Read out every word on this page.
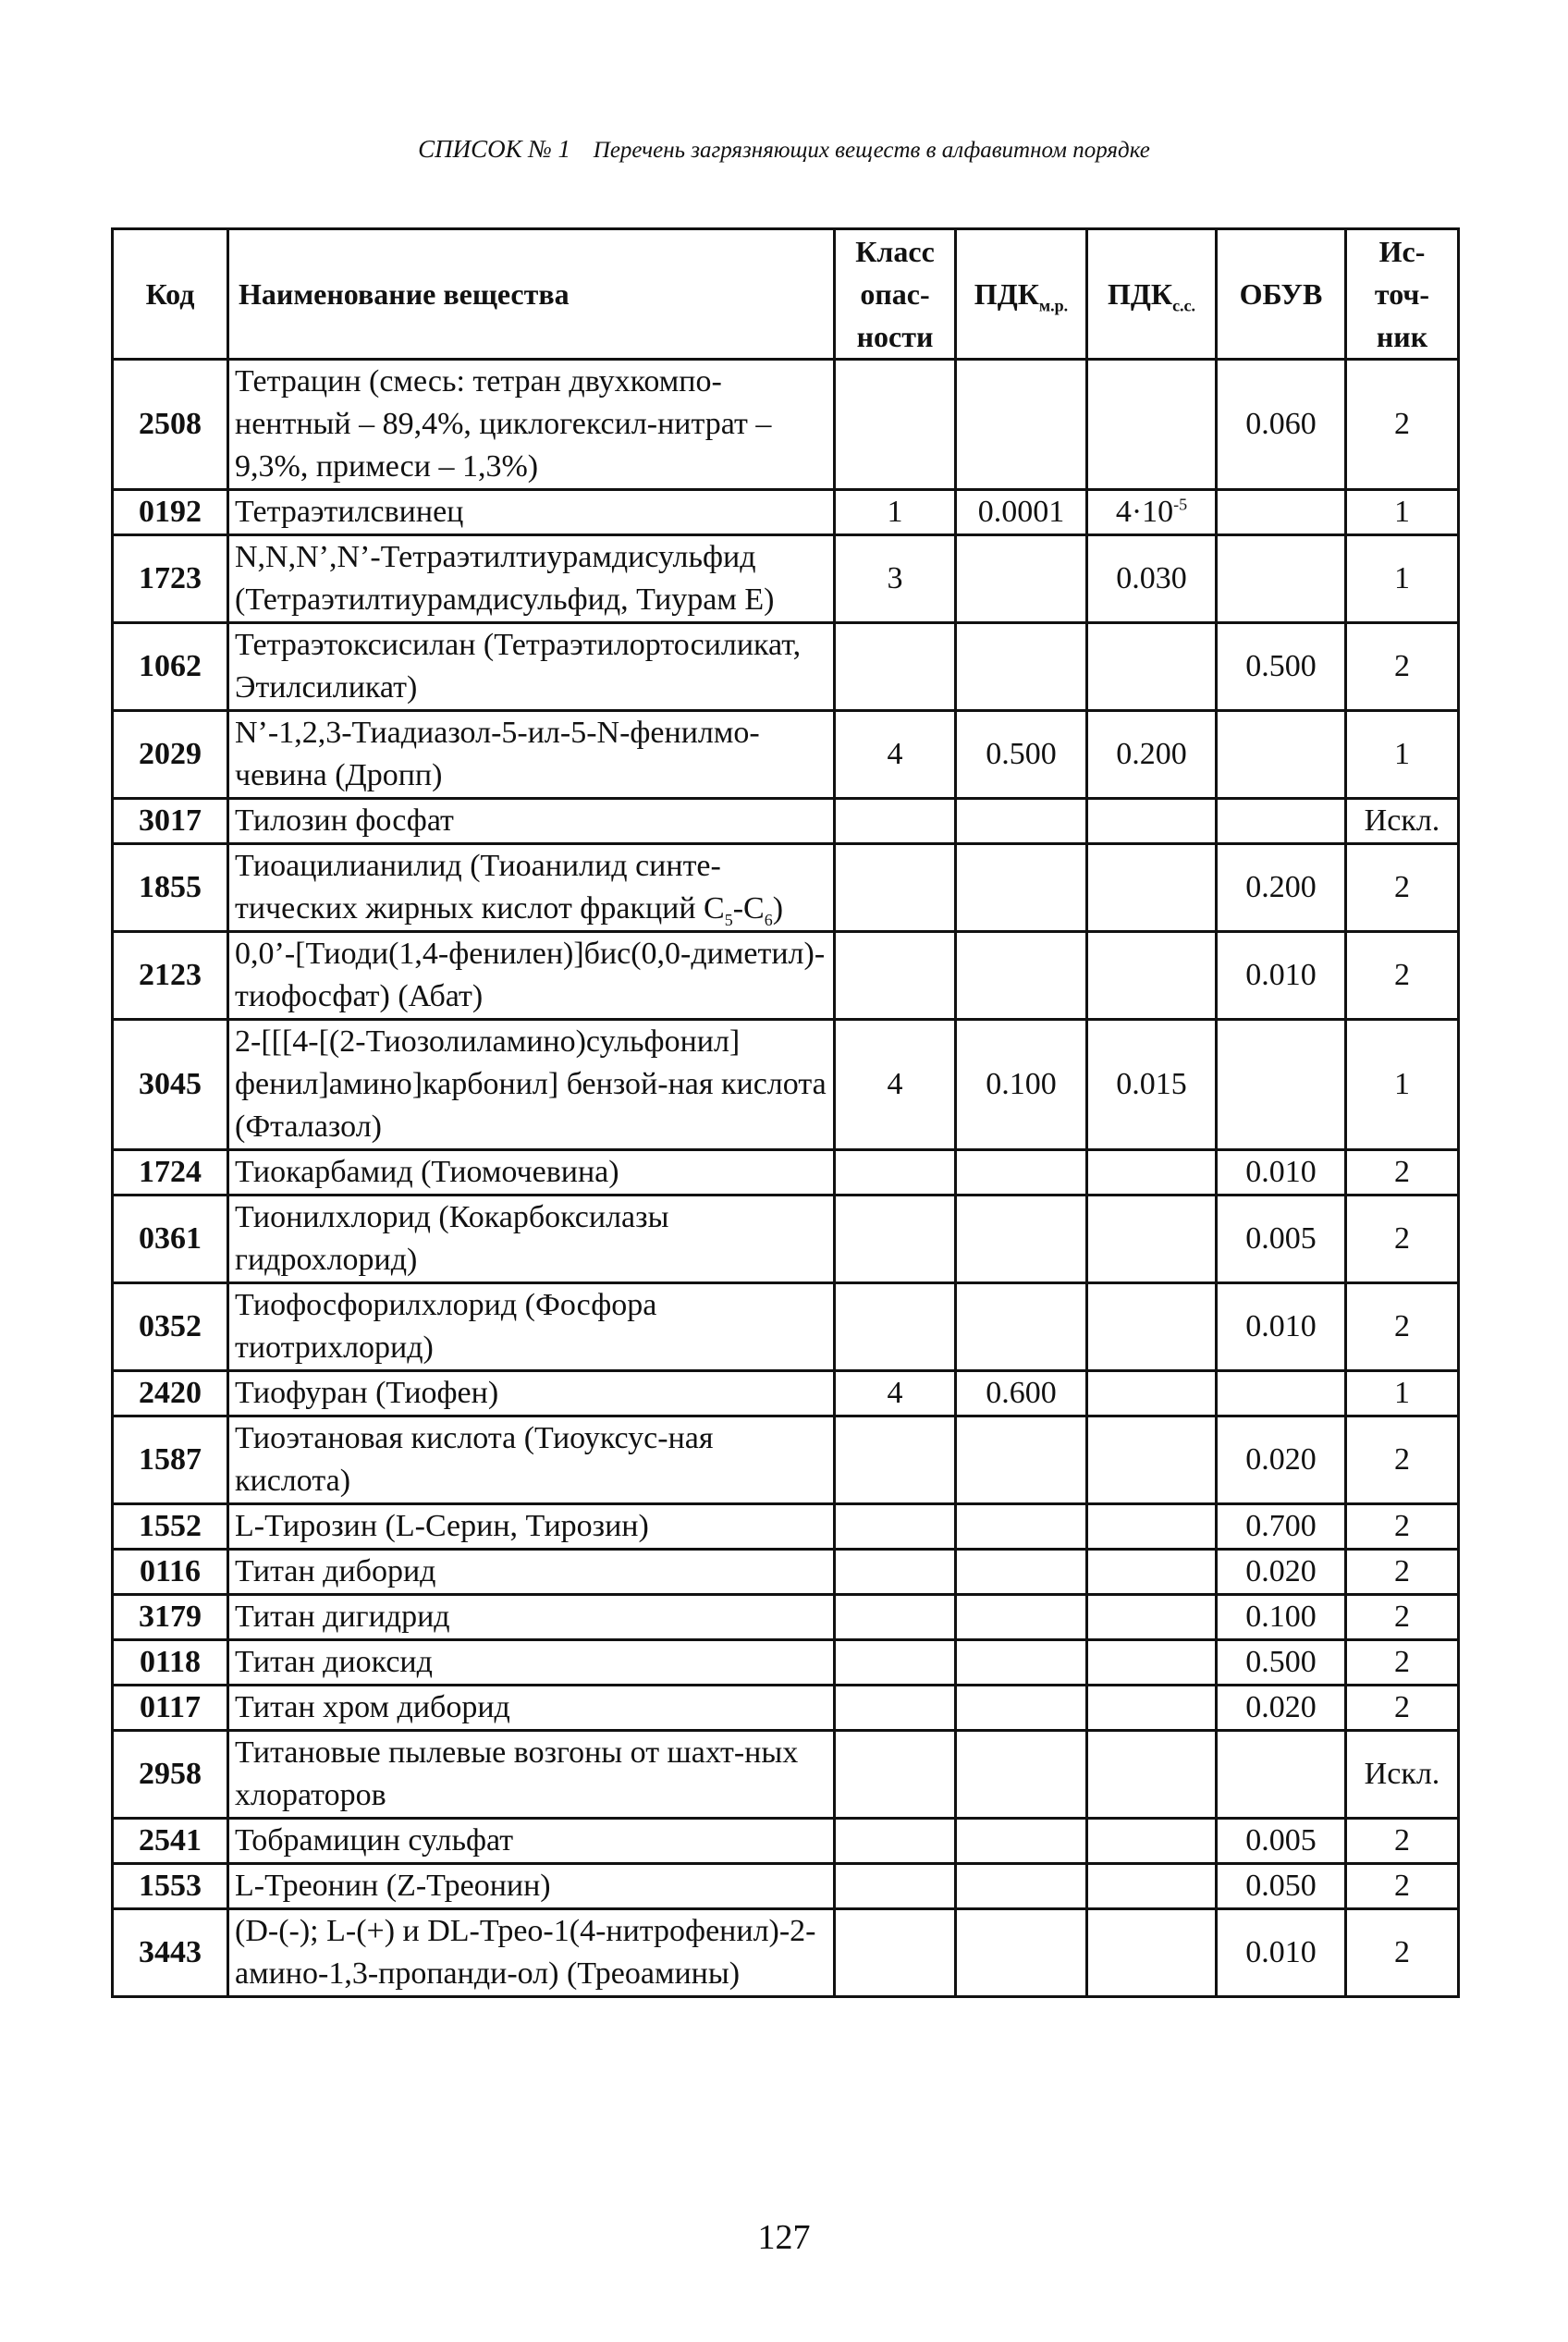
СПИСОК № 1 Перечень загрязняющих веществ в алфавитном порядке
Код	Наименование вещества	Класс опас-ности	$ПДК_{м.р.}$	$ПДК_{с.с.}$	ОБУВ	Ис-точ-ник
2508	Тетрацин (смесь: тетран двухкомпо-нентный – 89,4%, циклогексил-нитрат – 9,3%, примеси – 1,3%)				0.060	2
0192	Тетраэтилсвинец	1	0.0001	$4\cdot 10^{-5}$		1
1723	N,N,N’,N’-Тетраэтилтиурамдисульфид (Тетраэтилтиурамдисульфид, Тиурам Е)	3		0.030		1
1062	Тетраэтоксисилан (Тетраэтилортосиликат, Этилсиликат)				0.500	2
2029	N’-1,2,3-Тиадиазол-5-ил-5-N-фенилмо-чевина (Дропп)	4	0.500	0.200		1
3017	Тилозин фосфат					Искл.
1855	Тиоацилианилид (Тиоанилид синте-тических жирных кислот фракций $C_5-C_6$)				0.200	2
2123	0,0’-[Тиоди(1,4-фенилен)]бис(0,0-диметил)-тиофосфат) (Абат)				0.010	2
3045	2-[[[4-[(2-Тиозолиламино)сульфонил] фенил]амино]карбонил] бензой-ная кислота (Фталазол)	4	0.100	0.015		1
1724	Тиокарбамид (Тиомочевина)				0.010	2
0361	Тионилхлорид (Кокарбоксилазы гидрохлорид)				0.005	2
0352	Тиофосфорилхлорид (Фосфора тиотрихлорид)				0.010	2
2420	Тиофуран (Тиофен)	4	0.600			1
1587	Тиоэтановая кислота (Тиоуксус-ная кислота)				0.020	2
1552	L-Тирозин (L-Серин, Тирозин)				0.700	2
0116	Титан диборид				0.020	2
3179	Титан дигидрид				0.100	2
0118	Титан диоксид				0.500	2
0117	Титан хром диборид				0.020	2
2958	Титановые пылевые возгоны от шахт-ных хлораторов					Искл.
2541	Тобрамицин сульфат				0.005	2
1553	L-Треонин (Z-Треонин)				0.050	2
3443	(D-(-); L-(+) и DL-Трео-1(4-нитрофенил)-2-амино-1,3-пропанди-ол) (Треоамины)				0.010	2
127
